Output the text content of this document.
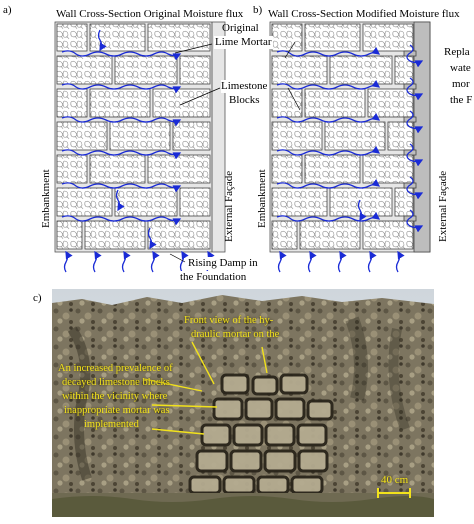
a)	Wall Cross-Section Original Moisture flux
Original
Lime Mortar
Limestone
Blocks
Embankment	External Façade
Rising Damp in
the Foundation
b) Wall Cross-Section Modified Moisture flux
Repla
wate
mor
the F
Embankment	External Façade
c)
Front view of the hy-
draulic mortar on the
An increased prevalence of
decayed limestone blocks
within the vicinity where
inappropriate mortar was
implemented
40 cm
